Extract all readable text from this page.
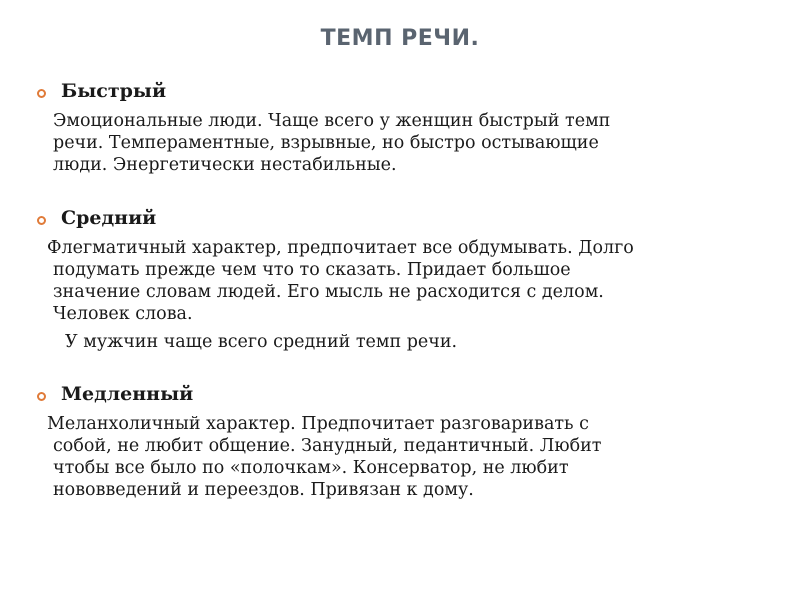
ТЕМП РЕЧИ.
Быстрый
Эмоциональные люди. Чаще всего у женщин быстрый темп
речи. Темпераментные, взрывные, но быстро остывающие
люди. Энергетически нестабильные.
Средний
Флегматичный характер, предпочитает все обдумывать. Долго
подумать прежде чем что то сказать. Придает большое
значение словам людей. Его мысль не расходится с делом.
Человек слова.
У мужчин чаще всего средний темп речи.
Медленный
Меланхоличный характер. Предпочитает разговаривать с
собой, не любит общение. Занудный, педантичный. Любит
чтобы все было по «полочкам». Консерватор, не любит
нововведений и переездов. Привязан к дому.
